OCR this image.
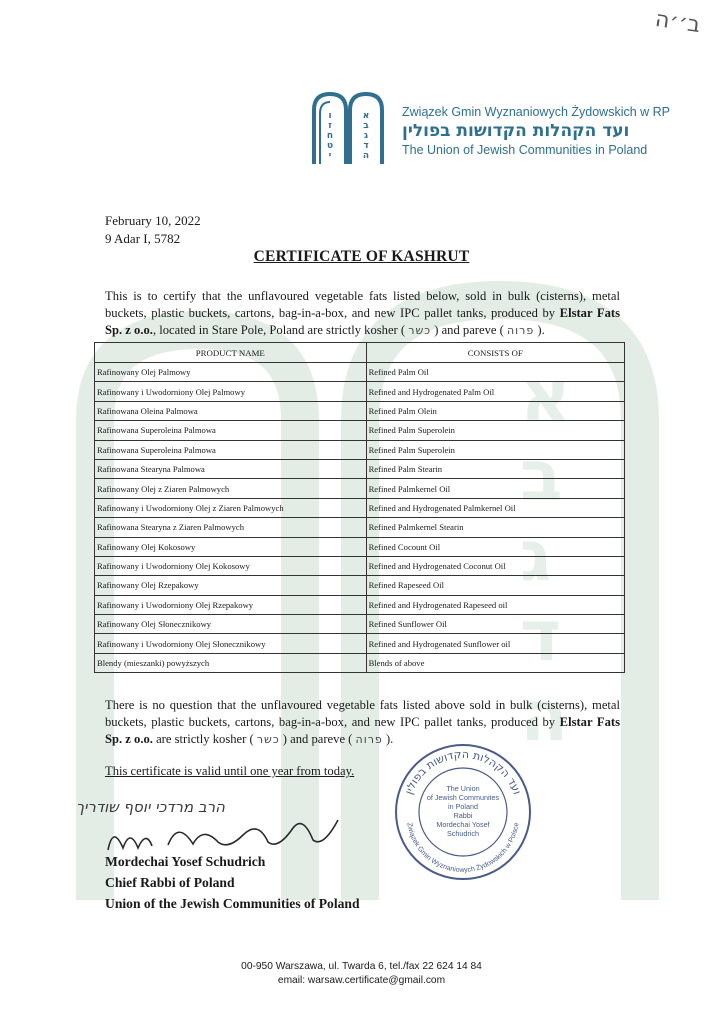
א
ב
ג
ד
ה
ב׳׳ה
ו
ז
ח
ט
י
א
ב
ג
ד
ה
Związek Gmin Wyznaniowych Żydowskich w RP
ועד הקהלות הקדושות בפולין
The Union of Jewish Communities in Poland
February 10, 2022
9 Adar I, 5782
CERTIFICATE OF KASHRUT

This is to certify that the unflavoured vegetable fats listed below, sold in bulk (cisterns), metal buckets, plastic buckets, cartons, bag-in-a-box, and new IPC pallet tanks, produced by Elstar Fats Sp. z o.o., located in Stare Pole, Poland are strictly kosher ( כשר ) and pareve ( פרוה ).

PRODUCT NAME	CONSISTS OF
Rafinowany Olej Palmowy	Refined Palm Oil
Rafinowany i Uwodorniony Olej Palmowy	Refined and Hydrogenated Palm Oil
Rafinowana Oleina Palmowa	Refined Palm Olein
Rafinowana Superoleina Palmowa	Refined Palm Superolein
Rafinowana Superoleina Palmowa	Refined Palm Superolein
Rafinowana Stearyna Palmowa	Refined Palm Stearin
Rafinowany Olej z Ziaren Palmowych	Refined Palmkernel Oil
Rafinowany i Uwodorniony Olej z Ziaren Palmowych	Refined and Hydrogenated Palmkernel Oil
Rafinowana Stearyna z Ziaren Palmowych	Refined Palmkernel Stearin
Rafinowany Olej Kokosowy	Refined Cocount Oil
Rafinowany i Uwodorniony Olej Kokosowy	Refined and Hydrogenated Coconut Oil
Rafinowany Olej Rzepakowy	Refined Rapeseed Oil
Rafinowany i Uwodorniony Olej Rzepakowy	Refined and Hydrogenated Rapeseed oil
Rafinowany Olej Słonecznikowy	Refined Sunflower Oil
Rafinowany i Uwodorniony Olej Słonecznikowy	Refined and Hydrogenated Sunflower oil
Blendy (mieszanki) powyższych	Blends of above

There is no question that the unflavoured vegetable fats listed above sold in bulk (cisterns), metal buckets, plastic buckets, cartons, bag-in-a-box, and new IPC pallet tanks, produced by Elstar Fats Sp. z o.o. are strictly kosher ( כשר ) and pareve ( פרוה ).

This certificate is valid until one year from today.
הרב מרדכי יוסף שודריך
Mordechai Yosef Schudrich
Chief Rabbi of Poland
Union of the Jewish Communities of Poland
ועד הקהלות הקדושות בפולין
Związek Gmin Wyznaniowych Żydowskich w Polsce
The Union
of Jewish Communites
in Poland
Rabbi
Mordechai Yosef
Schudrich
00-950 Warszawa, ul. Twarda 6, tel./fax 22 624 14 84
email: warsaw.certificate@gmail.com
